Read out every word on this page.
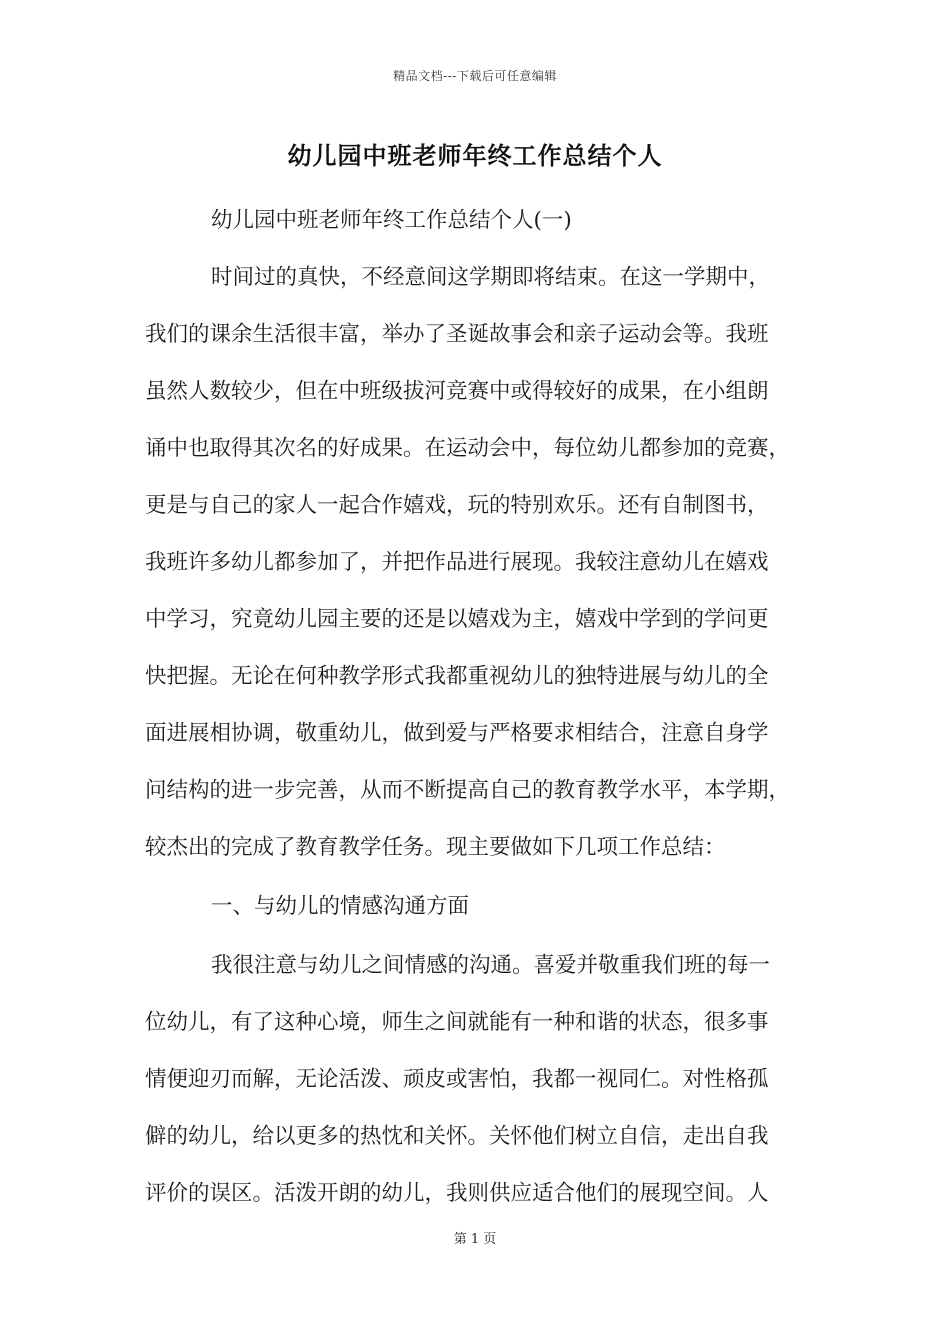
精品文档---下载后可任意编辑
幼儿园中班老师年终工作总结个人
幼儿园中班老师年终工作总结个人(一)
时间过的真快，不经意间这学期即将结束。在这一学期中，
我们的课余生活很丰富，举办了圣诞故事会和亲子运动会等。我班
虽然人数较少，但在中班级拔河竞赛中或得较好的成果，在小组朗
诵中也取得其次名的好成果。在运动会中，每位幼儿都参加的竞赛，
更是与自己的家人一起合作嬉戏，玩的特别欢乐。还有自制图书，
我班许多幼儿都参加了，并把作品进行展现。我较注意幼儿在嬉戏
中学习，究竟幼儿园主要的还是以嬉戏为主，嬉戏中学到的学问更
快把握。无论在何种教学形式我都重视幼儿的独特进展与幼儿的全
面进展相协调，敬重幼儿，做到爱与严格要求相结合，注意自身学
问结构的进一步完善，从而不断提高自己的教育教学水平，本学期，
较杰出的完成了教育教学任务。现主要做如下几项工作总结：
一、与幼儿的情感沟通方面
我很注意与幼儿之间情感的沟通。喜爱并敬重我们班的每一
位幼儿，有了这种心境，师生之间就能有一种和谐的状态，很多事
情便迎刃而解，无论活泼、顽皮或害怕，我都一视同仁。对性格孤
僻的幼儿，给以更多的热忱和关怀。关怀他们树立自信，走出自我
评价的误区。活泼开朗的幼儿，我则供应适合他们的展现空间。人
第 1 页
